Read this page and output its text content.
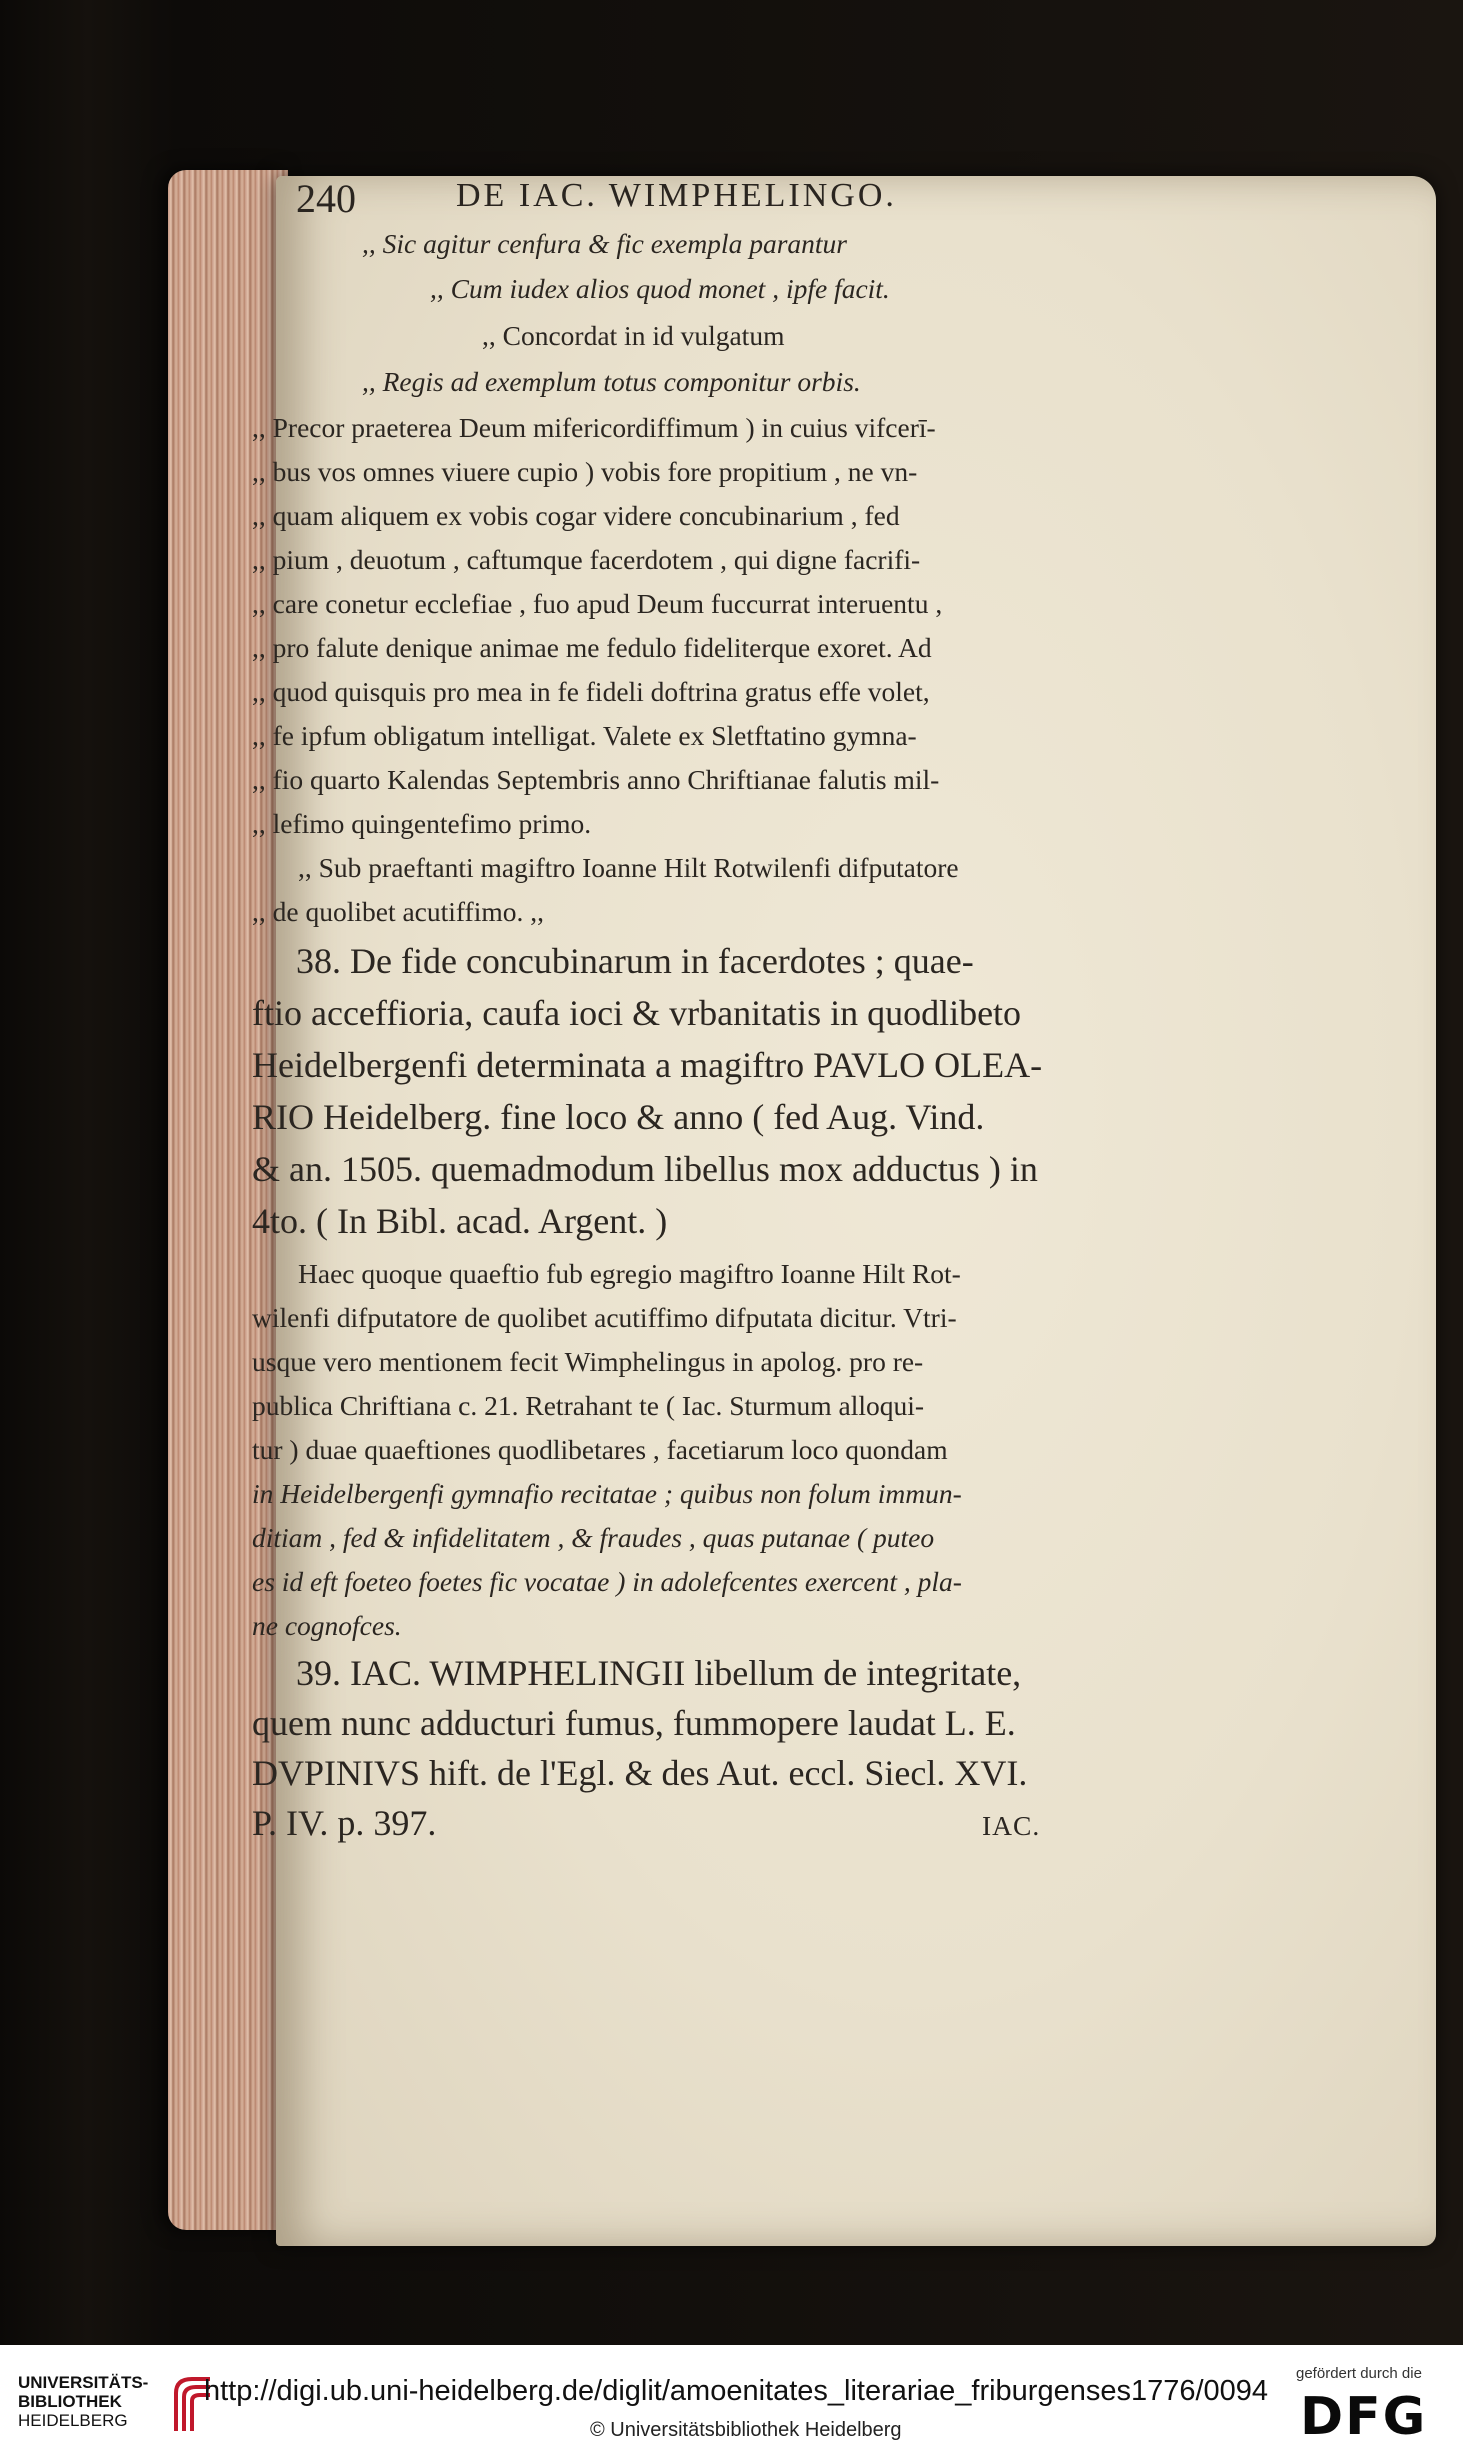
240	DE IAC. WIMPHELINGO.
,, Sic agitur cenfura & fic exempla parantur
,, Cum iudex alios quod monet , ipfe facit.
,, Concordat in id vulgatum
,, Regis ad exemplum totus componitur orbis.
,, Precor praeterea Deum mifericordiffimum ) in cuius vifcerī-
,, bus vos omnes viuere cupio ) vobis fore propitium , ne vn-
,, quam aliquem ex vobis cogar videre concubinarium , fed
,, pium , deuotum , caftumque facerdotem , qui digne facrifi-
,, care conetur ecclefiae , fuo apud Deum fuccurrat interuentu ,
,, pro falute denique animae me fedulo fideliterque exoret. Ad
,, quod quisquis pro mea in fe fideli doftrina gratus effe volet,
,, fe ipfum obligatum intelligat. Valete ex Sletftatino gymna-
,, fio quarto Kalendas Septembris anno Chriftianae falutis mil-
,, lefimo quingentefimo primo.
,, Sub praeftanti magiftro Ioanne Hilt Rotwilenfi difputatore
,, de quolibet acutiffimo. ,,
38. De fide concubinarum in facerdotes ; quae-
ftio acceffioria, caufa ioci & vrbanitatis in quodlibeto
Heidelbergenfi determinata a magiftro PAVLO OLEA-
RIO Heidelberg. fine loco & anno ( fed Aug. Vind.
& an. 1505. quemadmodum libellus mox adductus ) in
4to. ( In Bibl. acad. Argent. )
Haec quoque quaeftio fub egregio magiftro Ioanne Hilt Rot-
wilenfi difputatore de quolibet acutiffimo difputata dicitur. Vtri-
usque vero mentionem fecit Wimphelingus in apolog. pro re-
publica Chriftiana c. 21. Retrahant te ( Iac. Sturmum alloqui-
tur ) duae quaeftiones quodlibetares , facetiarum loco quondam
in Heidelbergenfi gymnafio recitatae ; quibus non folum immun-
ditiam , fed & infidelitatem , & fraudes , quas putanae ( puteo
es id eft foeteo foetes fic vocatae ) in adolefcentes exercent , pla-
ne cognofces.
39. IAC. WIMPHELINGII libellum de integritate,
quem nunc adducturi fumus, fummopere laudat L. E.
DVPINIVS hift. de l'Egl. & des Aut. eccl. Siecl. XVI.
P. IV. p. 397.	IAC.
UNIVERSITÄTS-
BIBLIOTHEK
HEIDELBERG
http://digi.ub.uni-heidelberg.de/diglit/amoenitates_literariae_friburgenses1776/0094
© Universitätsbibliothek Heidelberg
gefördert durch die
DFG
